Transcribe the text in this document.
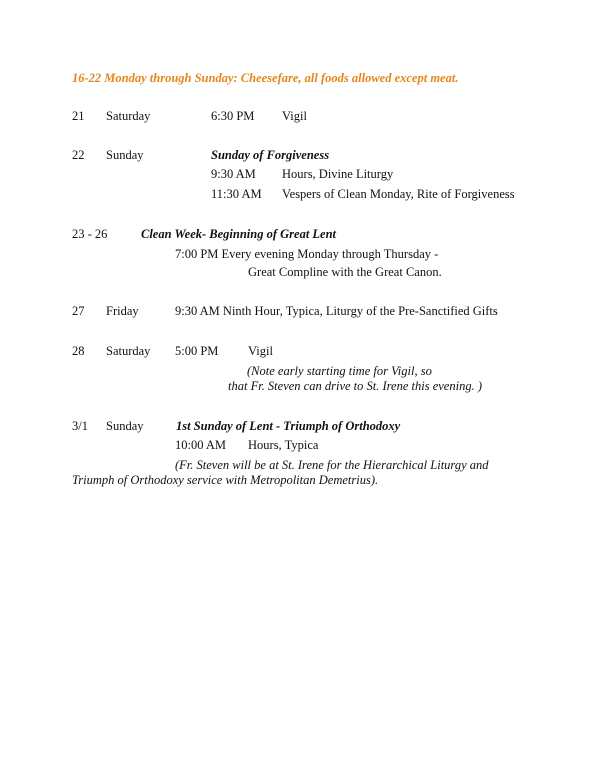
16-22 Monday through Sunday: Cheesefare, all foods allowed except meat.
21 Saturday	6:30 PM Vigil
22 Sunday	Sunday of Forgiveness
9:30 AM Hours, Divine Liturgy
11:30 AM Vespers of Clean Monday, Rite of Forgiveness
23 - 26	Clean Week- Beginning of Great Lent
7:00 PM Every evening Monday through Thursday -
Great Compline with the Great Canon.
27 Friday	9:30 AM Ninth Hour, Typica, Liturgy of the Pre-Sanctified Gifts
28 Saturday 5:00 PM Vigil
(Note early starting time for Vigil, so
that Fr. Steven can drive to St. Irene this evening. )
3/1 Sunday	1st Sunday of Lent - Triumph of Orthodoxy
10:00 AM Hours, Typica
(Fr. Steven will be at St. Irene for the Hierarchical Liturgy and
Triumph of Orthodoxy service with Metropolitan Demetrius).
